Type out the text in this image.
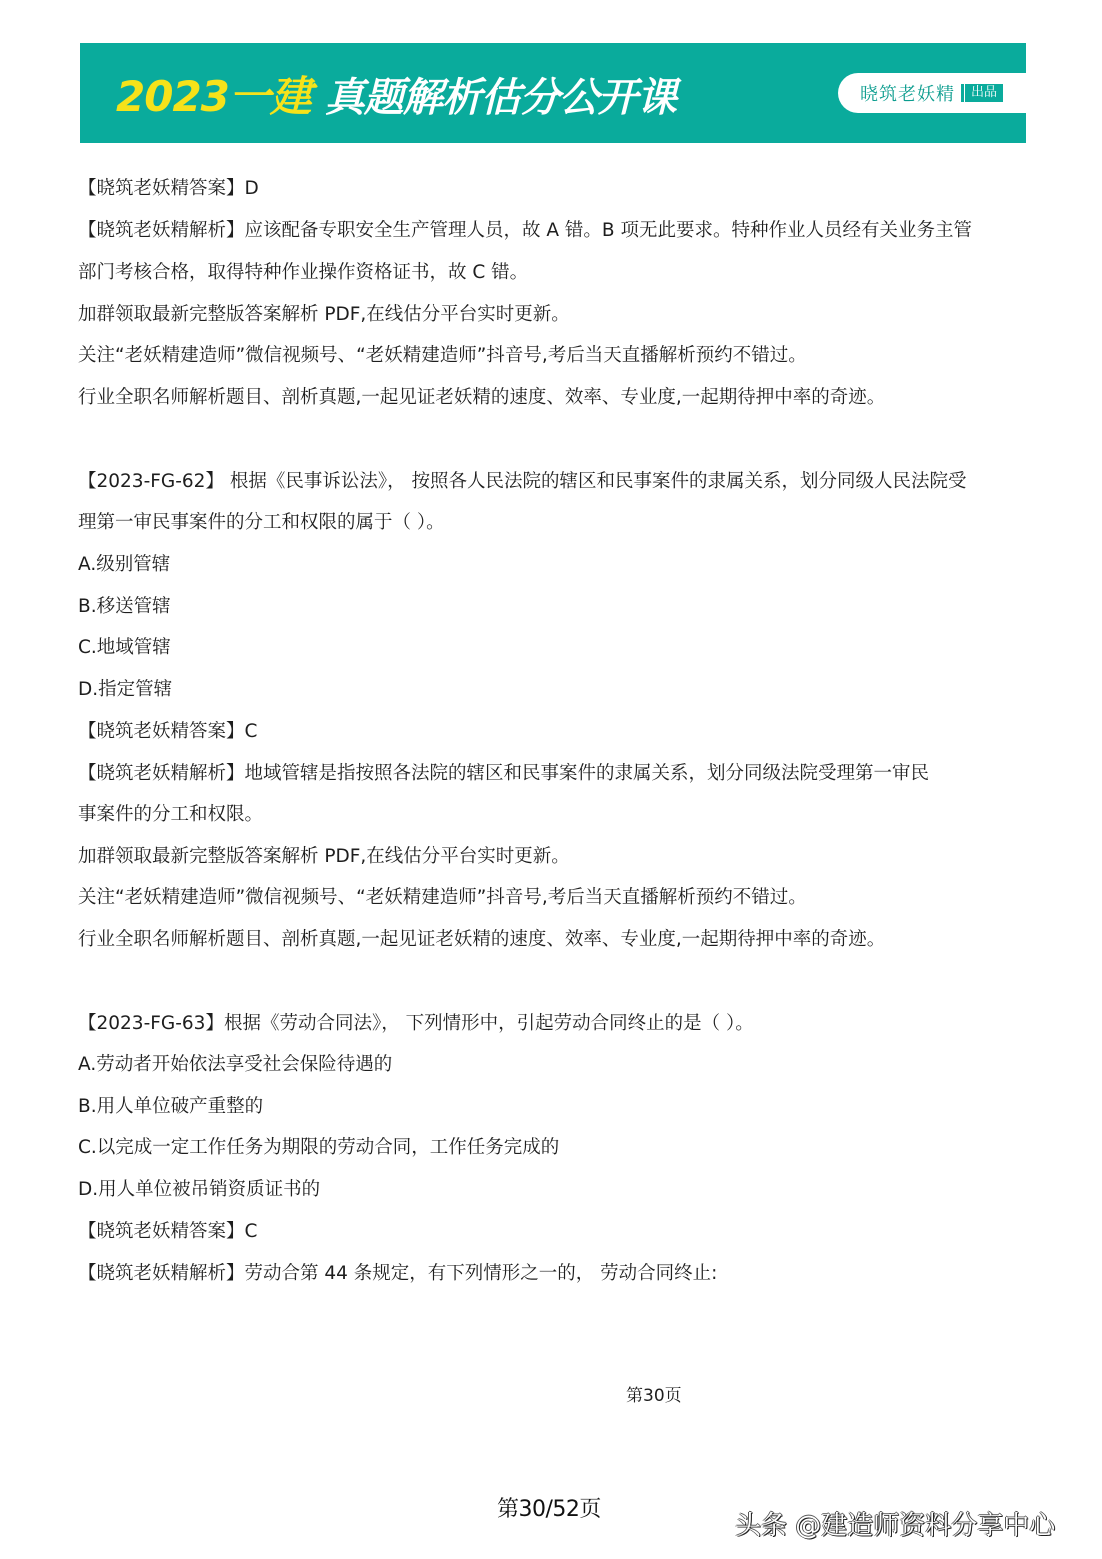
2023一建 真题解析估分公开课	晓筑老妖精	出品
【晓筑老妖精答案】D
【晓筑老妖精解析】应该配备专职安全生产管理人员，故 A 错。B 项无此要求。特种作业人员经有关业务主管
部门考核合格，取得特种作业操作资格证书，故 C 错。
加群领取最新完整版答案解析 PDF,在线估分平台实时更新。
关注“老妖精建造师”微信视频号、“老妖精建造师”抖音号,考后当天直播解析预约不错过。
行业全职名师解析题目、剖析真题,一起见证老妖精的速度、效率、专业度,一起期待押中率的奇迹。
【2023-FG-62】 根据《民事诉讼法》， 按照各人民法院的辖区和民事案件的隶属关系，划分同级人民法院受
理第一审民事案件的分工和权限的属于（ ）。
A.级别管辖
B.移送管辖
C.地域管辖
D.指定管辖
【晓筑老妖精答案】C
【晓筑老妖精解析】地域管辖是指按照各法院的辖区和民事案件的隶属关系，划分同级法院受理第一审民
事案件的分工和权限。
加群领取最新完整版答案解析 PDF,在线估分平台实时更新。
关注“老妖精建造师”微信视频号、“老妖精建造师”抖音号,考后当天直播解析预约不错过。
行业全职名师解析题目、剖析真题,一起见证老妖精的速度、效率、专业度,一起期待押中率的奇迹。
【2023-FG-63】根据《劳动合同法》， 下列情形中，引起劳动合同终止的是（ ）。
A.劳动者开始依法享受社会保险待遇的
B.用人单位破产重整的
C.以完成一定工作任务为期限的劳动合同，工作任务完成的
D.用人单位被吊销资质证书的
【晓筑老妖精答案】C
【晓筑老妖精解析】劳动合第 44 条规定，有下列情形之一的， 劳动合同终止:
第30页
第30/52页
头条 @建造师资料分享中心
